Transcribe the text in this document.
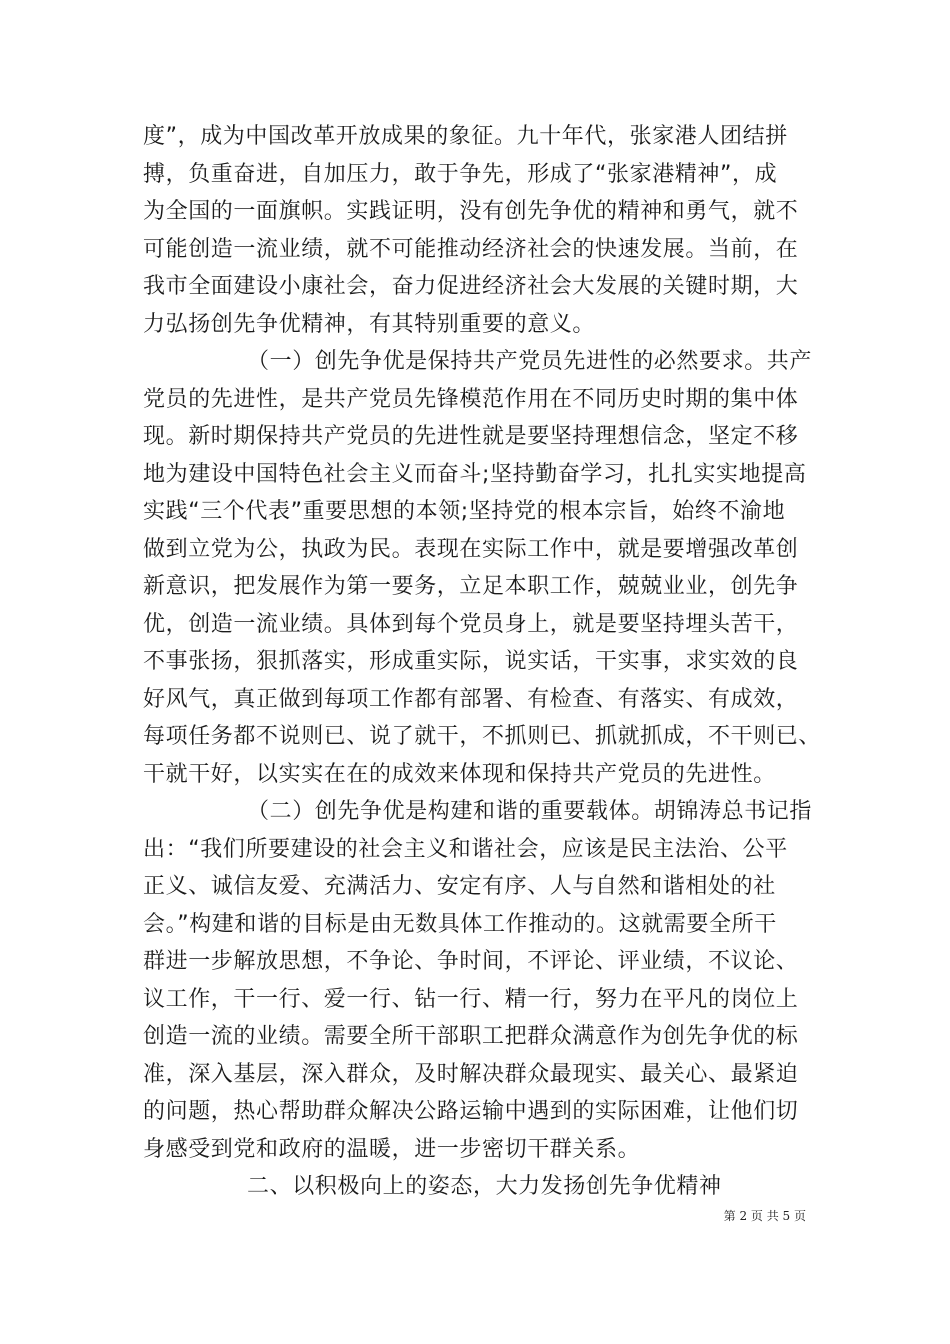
度”，成为中国改革开放成果的象征。九十年代，张家港人团结拼
搏，负重奋进，自加压力，敢于争先，形成了“张家港精神”，成
为全国的一面旗帜。实践证明，没有创先争优的精神和勇气，就不
可能创造一流业绩，就不可能推动经济社会的快速发展。当前，在
我市全面建设小康社会，奋力促进经济社会大发展的关键时期，大
力弘扬创先争优精神，有其特别重要的意义。
（一）创先争优是保持共产党员先进性的必然要求。共产
党员的先进性，是共产党员先锋模范作用在不同历史时期的集中体
现。新时期保持共产党员的先进性就是要坚持理想信念，坚定不移
地为建设中国特色社会主义而奋斗;坚持勤奋学习，扎扎实实地提高
实践“三个代表”重要思想的本领;坚持党的根本宗旨，始终不渝地
做到立党为公，执政为民。表现在实际工作中，就是要增强改革创
新意识，把发展作为第一要务，立足本职工作，兢兢业业，创先争
优，创造一流业绩。具体到每个党员身上，就是要坚持埋头苦干，
不事张扬，狠抓落实，形成重实际，说实话，干实事，求实效的良
好风气，真正做到每项工作都有部署、有检查、有落实、有成效，
每项任务都不说则已、说了就干，不抓则已、抓就抓成，不干则已、
干就干好，以实实在在的成效来体现和保持共产党员的先进性。
（二）创先争优是构建和谐的重要载体。胡锦涛总书记指
出：“我们所要建设的社会主义和谐社会，应该是民主法治、公平
正义、诚信友爱、充满活力、安定有序、人与自然和谐相处的社
会。”构建和谐的目标是由无数具体工作推动的。这就需要全所干
群进一步解放思想，不争论、争时间，不评论、评业绩，不议论、
议工作，干一行、爱一行、钻一行、精一行，努力在平凡的岗位上
创造一流的业绩。需要全所干部职工把群众满意作为创先争优的标
准，深入基层，深入群众，及时解决群众最现实、最关心、最紧迫
的问题，热心帮助群众解决公路运输中遇到的实际困难，让他们切
身感受到党和政府的温暖，进一步密切干群关系。
二、以积极向上的姿态，大力发扬创先争优精神
第 2 页 共 5 页
